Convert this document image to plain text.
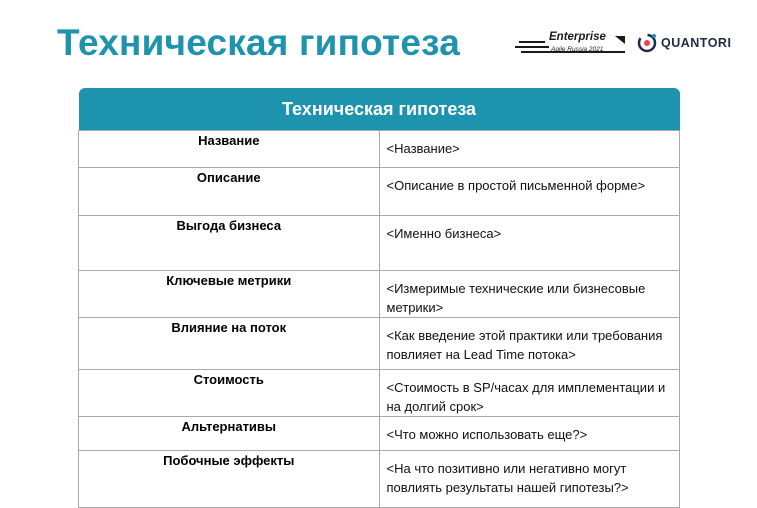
Техническая гипотеза	Enterprise
Agile Russia 2021	QUANTORI
Техническая гипотеза	
Название	<Название>
Описание	<Описание в простой письменной форме>
Выгода бизнеса	<Именно бизнеса>
Ключевые метрики	<Измеримые технические или бизнесовые метрики>
Влияние на поток	<Как введение этой практики или требования повлияет на Lead Time потока>
Стоимость	<Стоимость в SP/часах для имплементации и на долгий срок>
Альтернативы	<Что можно использовать еще?>
Побочные эффекты	<На что позитивно или негативно могут повлиять результаты нашей гипотезы?>
